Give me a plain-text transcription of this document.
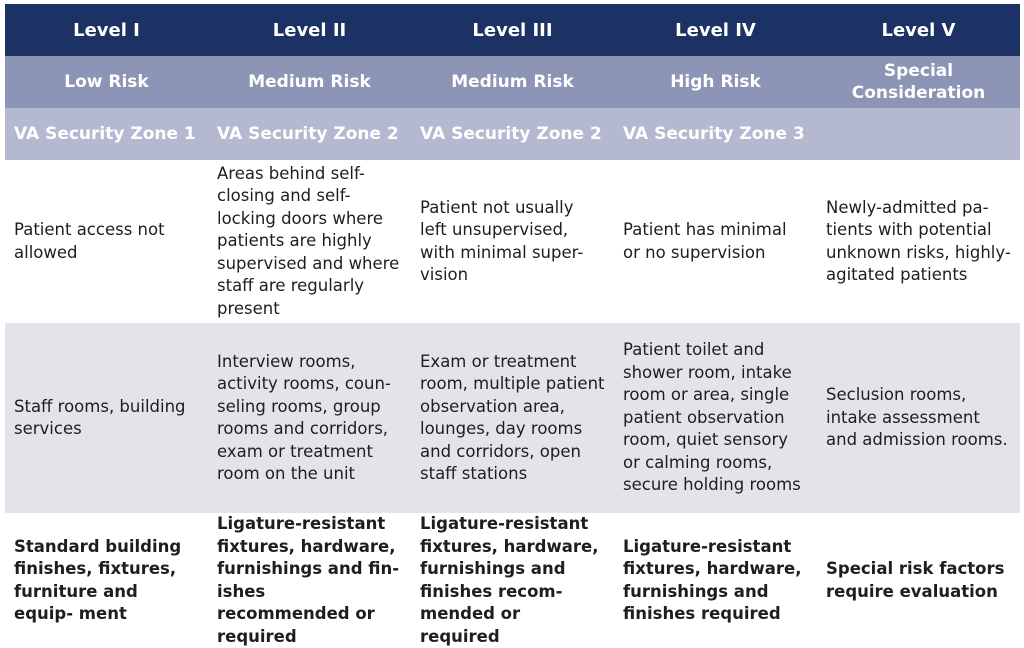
Level I	Level II	Level III	Level IV	Level V
Low Risk	Medium Risk	Medium Risk	High Risk	Special Consideration
VA Security Zone 1	VA Security Zone 2	VA Security Zone 2	VA Security Zone 3	
Patient access not allowed	Areas behind self- closing and self-locking doors where patients are highly supervised and where staff are regularly present	Patient not usually left unsupervised, with minimal super- vision	Patient has minimal or no supervision	Newly-admitted pa- tients with potential unknown risks, highly-agitated patients
Staff rooms, building services	Interview rooms, activity rooms, coun- seling rooms, group rooms and corridors, exam or treatment room on the unit	Exam or treatment room, multiple patient observation area, lounges, day rooms and corridors, open staff stations	Patient toilet and shower room, intake room or area, single patient observation room, quiet sensory or calming rooms, secure holding rooms	Seclusion rooms, intake assessment and admission rooms.
Standard building finishes, fixtures, furniture and equip- ment	Ligature-resistant fixtures, hardware, furnishings and fin- ishes recommended or required	Ligature-resistant fixtures, hardware, furnishings and finishes recom- mended or required	Ligature-resistant fixtures, hardware, furnishings and finishes required	Special risk factors require evaluation
